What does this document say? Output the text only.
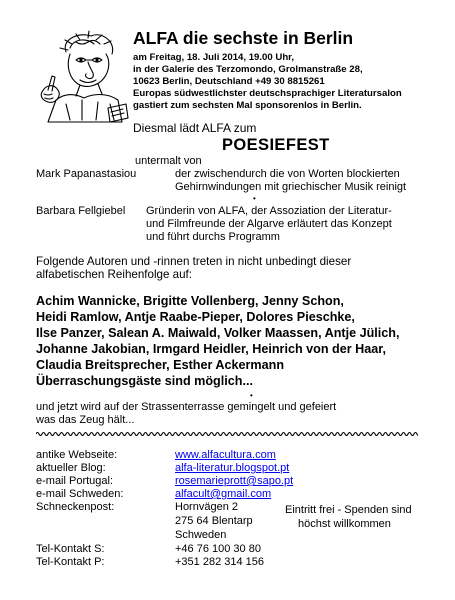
ALFA die sechste in Berlin
am Freitag, 18. Juli 2014, 19.00 Uhr,
in der Galerie des Terzomondo, Grolmanstraße 28,
10623 Berlin, Deutschland +49 30 8815261
Europas südwestlichster deutschsprachiger Literatursalon
gastiert zum sechsten Mal sponsorenlos in Berlin.
Diesmal lädt ALFA zum
POESIEFEST
untermalt von
Mark Papanastasiou	der zwischendurch die von Worten blockierten
Gehirnwindungen mit griechischer Musik reinigt
•
Barbara Fellgiebel Gründerin von ALFA, der Assoziation der Literatur-
und Filmfreunde der Algarve erläutert das Konzept
und führt durchs Programm
Folgende Autoren und -rinnen treten in nicht unbedingt dieser
alfabetischen Reihenfolge auf:
Achim Wannicke, Brigitte Vollenberg, Jenny Schon,
Heidi Ramlow, Antje Raabe-Pieper, Dolores Pieschke,
Ilse Panzer, Salean A. Maiwald, Volker Maassen, Antje Jülich,
Johanne Jakobian, Irmgard Heidler, Heinrich von der Haar,
Claudia Breitsprecher, Esther Ackermann
Überraschungsgäste sind möglich...
•
und jetzt wird auf der Strassenterrasse gemingelt und gefeiert
was das Zeug hält...
antike Webseite:	www.alfacultura.com
aktueller Blog:	alfa-literatur.blogspot.pt
e-mail Portugal:	rosemarieprott@sapo.pt
e-mail Schweden:	alfacult@gmail.com
Schneckenpost:	Hornvägen 2
275 64 Blentarp
Schweden
Eintritt frei - Spenden sind
höchst willkommen
Tel-Kontakt S:	+46 76 100 30 80
Tel-Kontakt P:	+351 282 314 156
